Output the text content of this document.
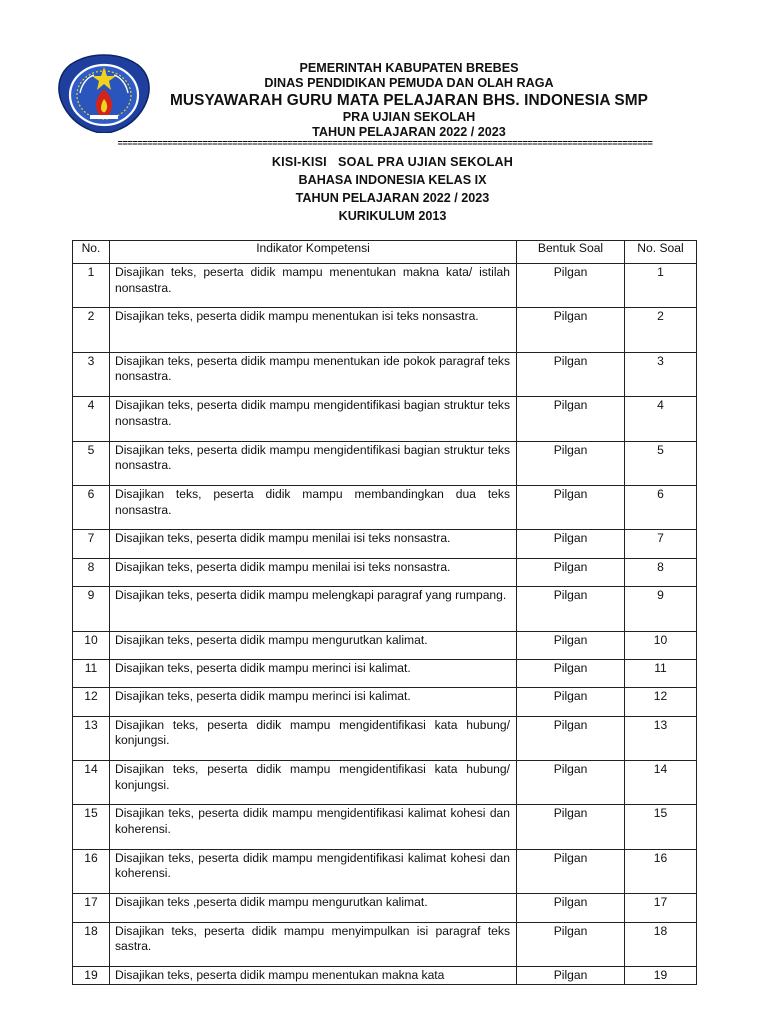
PEMERINTAH KABUPATEN BREBES
DINAS PENDIDIKAN PEMUDA DAN OLAH RAGA
MUSYAWARAH GURU MATA PELAJARAN BHS. INDONESIA SMP
PRA UJIAN SEKOLAH
TAHUN PELAJARAN 2022 / 2023
===========================================================================================================
KISI-KISI   SOAL PRA UJIAN SEKOLAH
BAHASA INDONESIA KELAS IX
TAHUN PELAJARAN 2022 / 2023
KURIKULUM 2013
No.	Indikator Kompetensi	Bentuk Soal	No. Soal
1	Disajikan teks, peserta didik mampu menentukan makna kata/ istilah nonsastra.	Pilgan	1
2	Disajikan teks, peserta didik mampu menentukan isi teks nonsastra.	Pilgan	2
3	Disajikan teks, peserta didik mampu menentukan ide pokok paragraf teks nonsastra.	Pilgan	3
4	Disajikan teks, peserta didik mampu mengidentifikasi bagian struktur teks nonsastra.	Pilgan	4
5	Disajikan teks, peserta didik mampu mengidentifikasi bagian struktur teks nonsastra.	Pilgan	5
6	Disajikan teks, peserta didik mampu membandingkan dua teks nonsastra.	Pilgan	6
7	Disajikan teks, peserta didik mampu menilai isi teks nonsastra.	Pilgan	7
8	Disajikan teks, peserta didik mampu menilai isi teks nonsastra.	Pilgan	8
9	Disajikan teks, peserta didik mampu melengkapi paragraf yang rumpang.	Pilgan	9
10	Disajikan teks, peserta didik mampu mengurutkan kalimat.	Pilgan	10
11	Disajikan teks, peserta didik mampu merinci isi kalimat.	Pilgan	11
12	Disajikan teks, peserta didik mampu merinci isi kalimat.	Pilgan	12
13	Disajikan teks, peserta didik mampu mengidentifikasi kata hubung/ konjungsi.	Pilgan	13
14	Disajikan teks, peserta didik mampu mengidentifikasi kata hubung/ konjungsi.	Pilgan	14
15	Disajikan teks, peserta didik mampu mengidentifikasi kalimat kohesi dan koherensi.	Pilgan	15
16	Disajikan teks, peserta didik mampu mengidentifikasi kalimat kohesi dan koherensi.	Pilgan	16
17	Disajikan teks ,peserta didik mampu mengurutkan kalimat.	Pilgan	17
18	Disajikan teks, peserta didik mampu menyimpulkan isi paragraf teks sastra.	Pilgan	18
19	Disajikan teks, peserta didik mampu menentukan makna kata	Pilgan	19
